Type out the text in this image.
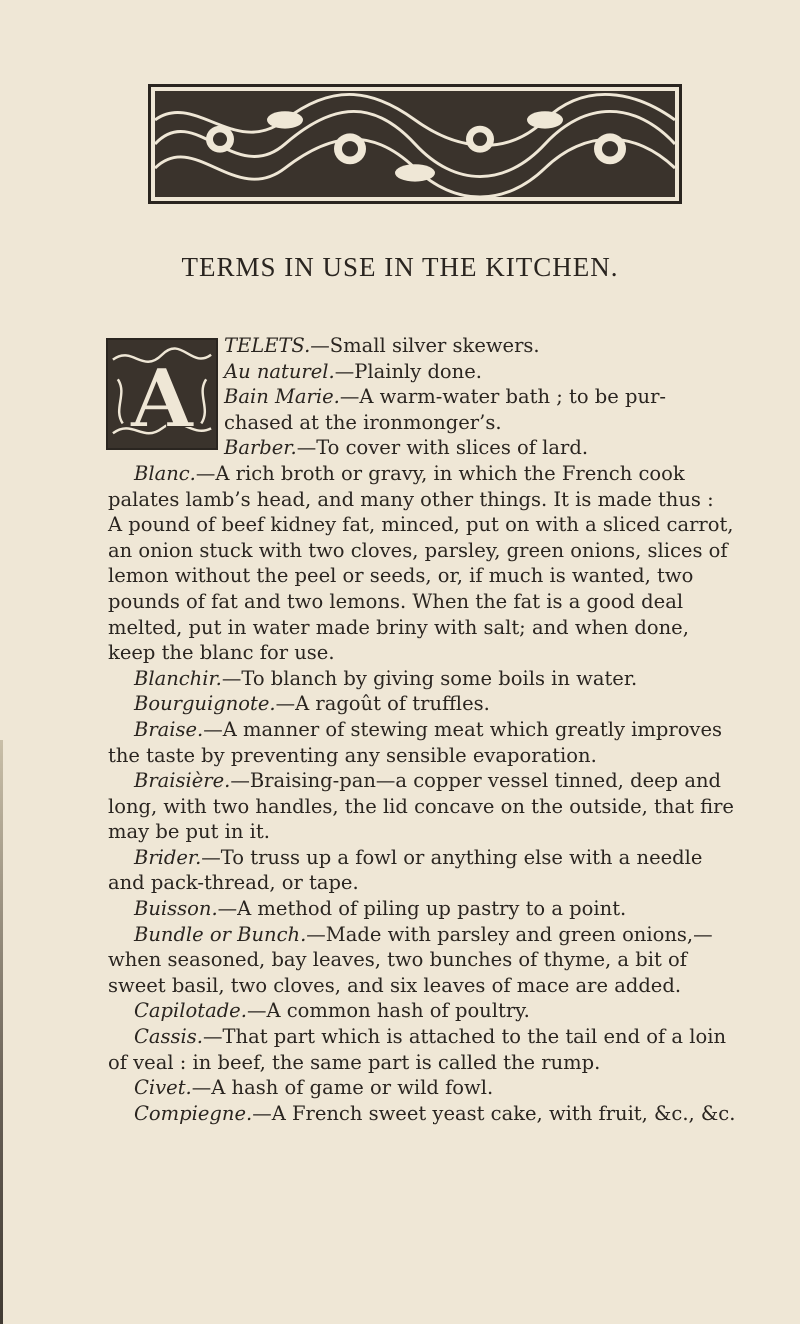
TERMS IN USE IN THE KITCHEN.
A
TELETS.—Small silver skewers.
Au naturel.—Plainly done.
Bain Marie.—A warm-water bath ; to be pur-
chased at the ironmonger’s.
Barber.—To cover with slices of lard.
Blanc.—A rich broth or gravy, in which the French cook
palates lamb’s head, and many other things. It is made thus :
A pound of beef kidney fat, minced, put on with a sliced carrot,
an onion stuck with two cloves, parsley, green onions, slices of
lemon without the peel or seeds, or, if much is wanted, two
pounds of fat and two lemons. When the fat is a good deal
melted, put in water made briny with salt; and when done,
keep the blanc for use.
Blanchir.—To blanch by giving some boils in water.
Bourguignote.—A ragoût of truffles.
Braise.—A manner of stewing meat which greatly improves
the taste by preventing any sensible evaporation.
Braisière.—Braising-pan—a copper vessel tinned, deep and
long, with two handles, the lid concave on the outside, that fire
may be put in it.
Brider.—To truss up a fowl or anything else with a needle
and pack-thread, or tape.
Buisson.—A method of piling up pastry to a point.
Bundle or Bunch.—Made with parsley and green onions,—
when seasoned, bay leaves, two bunches of thyme, a bit of
sweet basil, two cloves, and six leaves of mace are added.
Capilotade.—A common hash of poultry.
Cassis.—That part which is attached to the tail end of a loin
of veal : in beef, the same part is called the rump.
Civet.—A hash of game or wild fowl.
Compiegne.—A French sweet yeast cake, with fruit, &c., &c.
